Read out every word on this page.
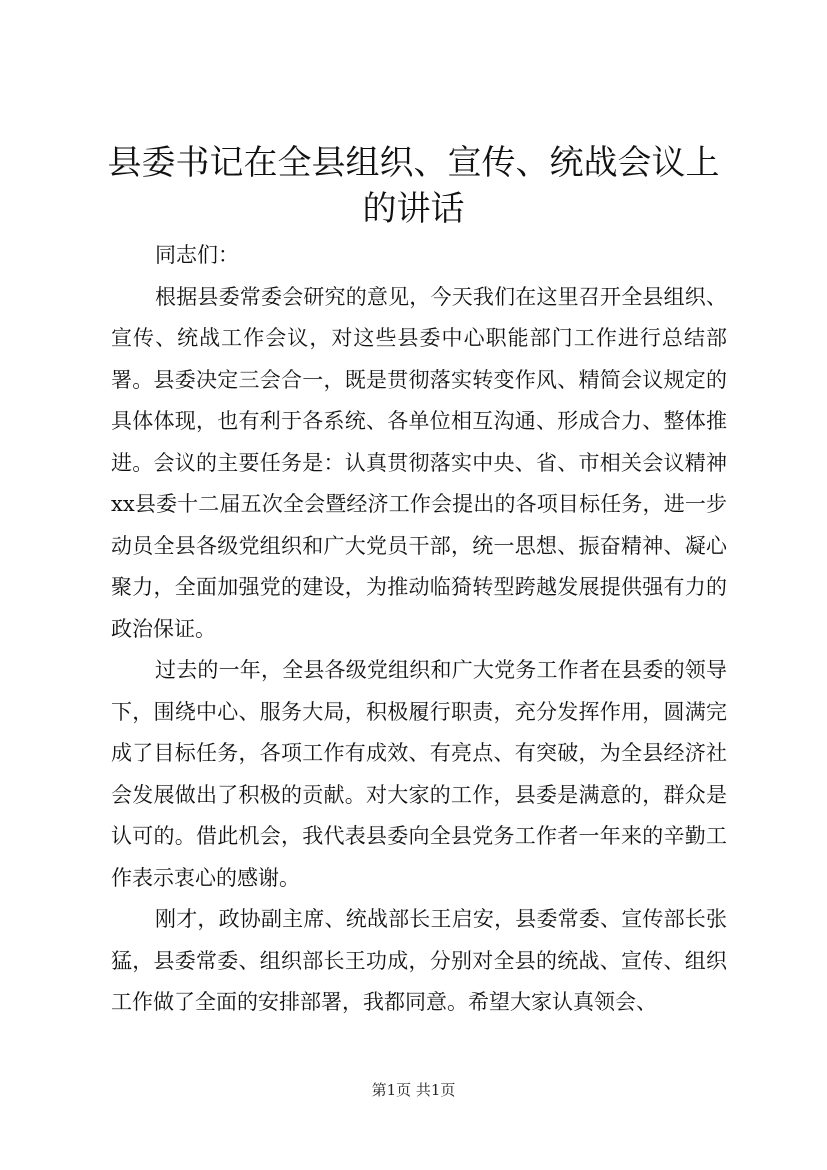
县委书记在全县组织、宣传、统战会议上的讲话

同志们：

根据县委常委会研究的意见，今天我们在这里召开全县组织、宣传、统战工作会议，对这些县委中心职能部门工作进行总结部署。县委决定三会合一，既是贯彻落实转变作风、精简会议规定的具体体现，也有利于各系统、各单位相互沟通、形成合力、整体推进。会议的主要任务是：认真贯彻落实中央、省、市相关会议精神xx县委十二届五次全会暨经济工作会提出的各项目标任务，进一步动员全县各级党组织和广大党员干部，统一思想、振奋精神、凝心聚力，全面加强党的建设，为推动临猗转型跨越发展提供强有力的政治保证。

过去的一年，全县各级党组织和广大党务工作者在县委的领导下，围绕中心、服务大局，积极履行职责，充分发挥作用，圆满完成了目标任务，各项工作有成效、有亮点、有突破，为全县经济社会发展做出了积极的贡献。对大家的工作，县委是满意的，群众是认可的。借此机会，我代表县委向全县党务工作者一年来的辛勤工作表示衷心的感谢。

刚才，政协副主席、统战部长王启安，县委常委、宣传部长张猛，县委常委、组织部长王功成，分别对全县的统战、宣传、组织工作做了全面的安排部署，我都同意。希望大家认真领会、

第1页 共1页
